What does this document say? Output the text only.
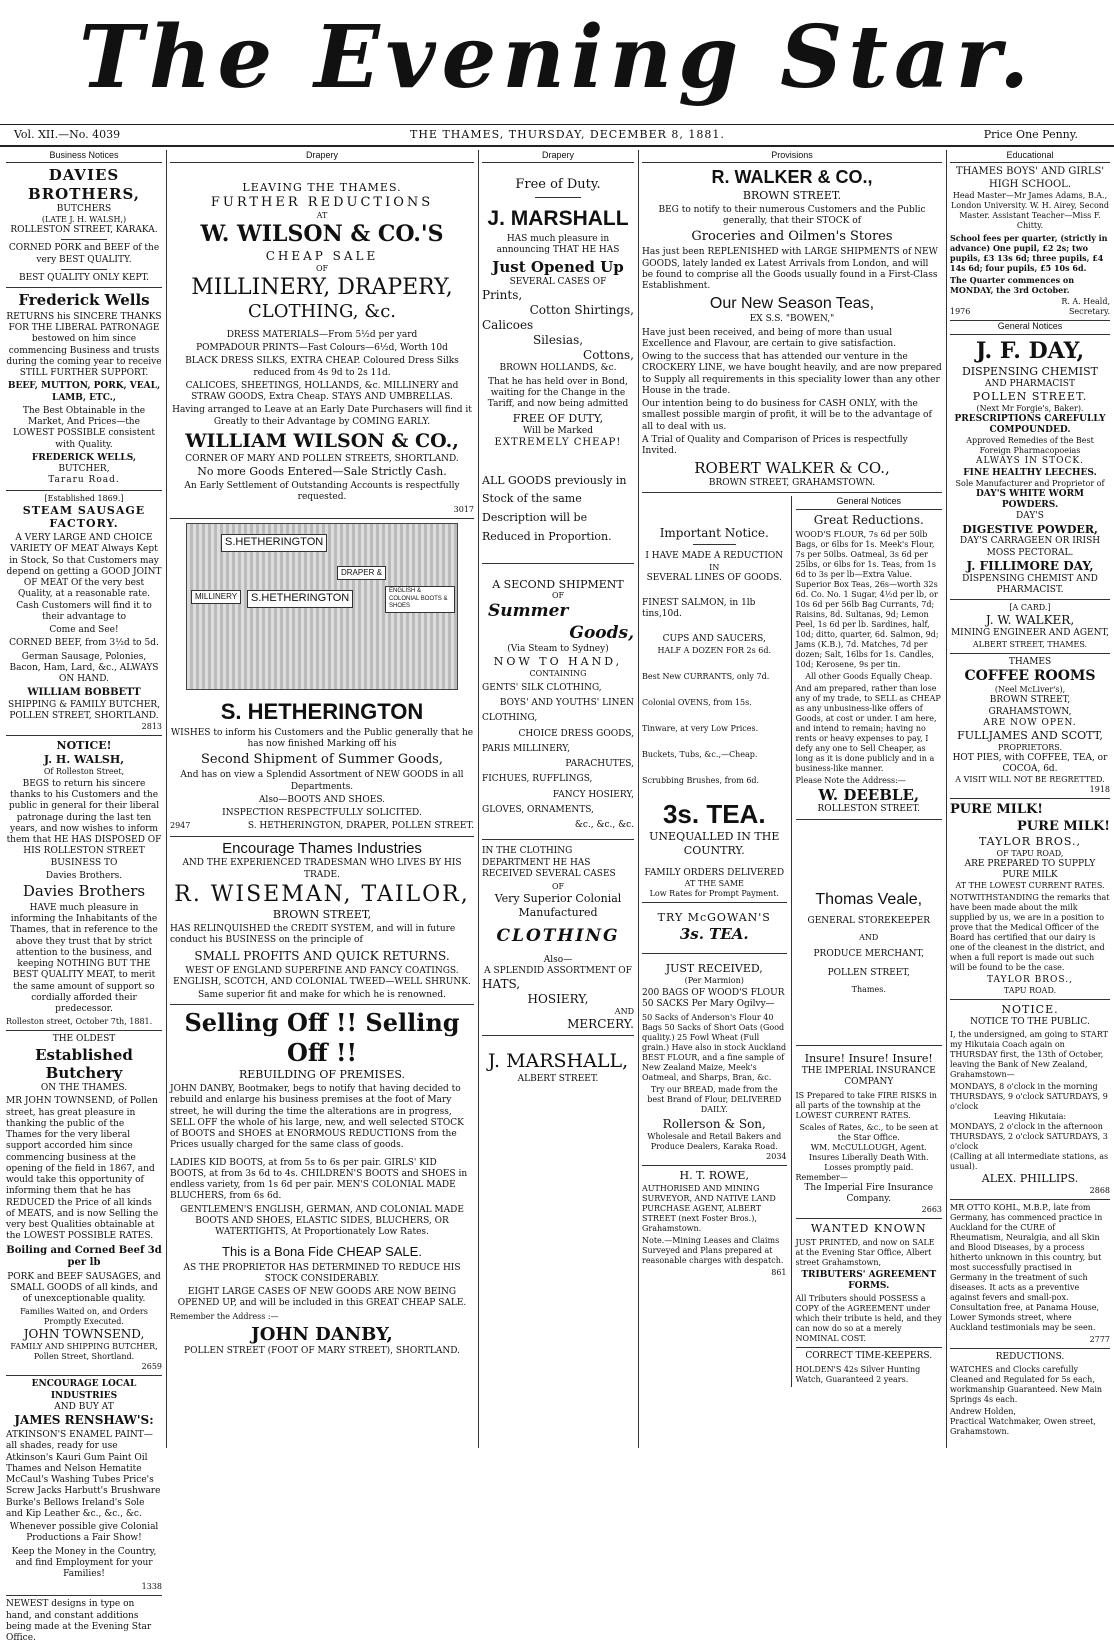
The Evening Star.
Vol. XII.—No. 4039	THE THAMES, THURSDAY, DECEMBER 8, 1881.	Price One Penny.
Business Notices
DAVIES BROTHERS,
BUTCHERS
(LATE J. H. WALSH,)
ROLLESTON STREET, KARAKA.
CORNED PORK and BEEF of the very BEST QUALITY.
BEST QUALITY ONLY KEPT.
Frederick Wells
RETURNS his SINCERE THANKS FOR THE LIBERAL PATRONAGE bestowed on him since commencing Business and trusts during the coming year to receive STILL FURTHER SUPPORT.
BEEF, MUTTON, PORK, VEAL, LAMB, ETC.,
The Best Obtainable in the Market, And Prices—the LOWEST POSSIBLE consistent with Quality.
FREDERICK WELLS,
BUTCHER,
Tararu Road.
[Established 1869.]
STEAM SAUSAGE FACTORY.
A VERY LARGE AND CHOICE VARIETY OF MEAT Always Kept in Stock, So that Customers may depend on getting a GOOD JOINT OF MEAT Of the very best Quality, at a reasonable rate. Cash Customers will find it to their advantage to
Come and See!
CORNED BEEF, from 3½d to 5d.
German Sausage, Polonies, Bacon, Ham, Lard, &c., ALWAYS ON HAND.
WILLIAM BOBBETT
SHIPPING & FAMILY BUTCHER, POLLEN STREET, SHORTLAND.
2813
NOTICE!
J. H. WALSH,
Of Rolleston Street,
BEGS to return his sincere thanks to his Customers and the public in general for their liberal patronage during the last ten years, and now wishes to inform them that HE HAS DISPOSED OF HIS ROLLESTON STREET BUSINESS TO
Davies Brothers.
Davies Brothers
HAVE much pleasure in informing the Inhabitants of the Thames, that in reference to the above they trust that by strict attention to the business, and keeping NOTHING BUT THE BEST QUALITY MEAT, to merit the same amount of support so cordially afforded their predecessor.
Rolleston street, October 7th, 1881.
THE OLDEST
Established Butchery
ON THE THAMES.
MR JOHN TOWNSEND, of Pollen street, has great pleasure in thanking the public of the Thames for the very liberal support accorded him since commencing business at the opening of the field in 1867, and would take this opportunity of informing them that he has REDUCED the Price of all kinds of MEATS, and is now Selling the very best Qualities obtainable at the LOWEST POSSIBLE RATES.
Boiling and Corned Beef 3d per lb
PORK and BEEF SAUSAGES, and SMALL GOODS of all kinds, and of unexceptionable quality.
Families Waited on, and Orders Promptly Executed.
JOHN TOWNSEND,
FAMILY AND SHIPPING BUTCHER, Pollen Street, Shortland.
2659
ENCOURAGE LOCAL INDUSTRIES
AND BUY AT
JAMES RENSHAW'S:
ATKINSON'S ENAMEL PAINT—all shades, ready for use Atkinson's Kauri Gum Paint Oil Thames and Nelson Hematite McCaul's Washing Tubes Price's Screw Jacks Harbutt's Brushware Burke's Bellows Ireland's Sole and Kip Leather &c., &c., &c.
Whenever possible give Colonial Productions a Fair Show!
Keep the Money in the Country, and find Employment for your Families!
1338
NEWEST designs in type on hand, and constant additions being made at the Evening Star Office.
Drapery
LEAVING THE THAMES.
FURTHER REDUCTIONS
AT
W. WILSON & CO.'S
CHEAP SALE
OF
MILLINERY, DRAPERY,
CLOTHING, &c.
DRESS MATERIALS—From 5½d per yard
POMPADOUR PRINTS—Fast Colours—6½d, Worth 10d
BLACK DRESS SILKS, EXTRA CHEAP. Coloured Dress Silks reduced from 4s 9d to 2s 11d.
CALICOES, SHEETINGS, HOLLANDS, &c. MILLINERY and STRAW GOODS, Extra Cheap. STAYS AND UMBRELLAS.
Having arranged to Leave at an Early Date Purchasers will find it Greatly to their Advantage by COMING EARLY.
WILLIAM WILSON & CO.,
CORNER OF MARY AND POLLEN STREETS, SHORTLAND.
No more Goods Entered—Sale Strictly Cash.
An Early Settlement of Outstanding Accounts is respectfully requested.
3017
S.HETHERINGTON
DRAPER &
S.HETHERINGTON
MILLINERY
ENGLISH & COLONIAL BOOTS & SHOES
S. HETHERINGTON
WISHES to inform his Customers and the Public generally that he has now finished Marking off his
Second Shipment of Summer Goods,
And has on view a Splendid Assortment of NEW GOODS in all Departments.
Also—BOOTS AND SHOES.
INSPECTION RESPECTFULLY SOLICITED.
2947	S. HETHERINGTON, DRAPER, POLLEN STREET.
Encourage Thames Industries
AND THE EXPERIENCED TRADESMAN WHO LIVES BY HIS TRADE.
R. WISEMAN, TAILOR,
BROWN STREET,
HAS RELINQUISHED the CREDIT SYSTEM, and will in future conduct his BUSINESS on the principle of
SMALL PROFITS AND QUICK RETURNS.
WEST OF ENGLAND SUPERFINE AND FANCY COATINGS. ENGLISH, SCOTCH, AND COLONIAL TWEED—WELL SHRUNK.
Same superior fit and make for which he is renowned.
Selling Off !! Selling Off !!
REBUILDING OF PREMISES.
JOHN DANBY, Bootmaker, begs to notify that having decided to rebuild and enlarge his business premises at the foot of Mary street, he will during the time the alterations are in progress, SELL OFF the whole of his large, new, and well selected STOCK of BOOTS and SHOES at ENORMOUS REDUCTIONS from the Prices usually charged for the same class of goods.
LADIES KID BOOTS, at from 5s to 6s per pair. GIRLS' KID BOOTS, at from 3s 6d to 4s. CHILDREN'S BOOTS and SHOES in endless variety, from 1s 6d per pair. MEN'S COLONIAL MADE BLUCHERS, from 6s 6d.
GENTLEMEN'S ENGLISH, GERMAN, AND COLONIAL MADE BOOTS AND SHOES, ELASTIC SIDES, BLUCHERS, OR WATERTIGHTS, At Proportionately Low Rates.
This is a Bona Fide CHEAP SALE.
AS THE PROPRIETOR HAS DETERMINED TO REDUCE HIS STOCK CONSIDERABLY.
EIGHT LARGE CASES OF NEW GOODS ARE NOW BEING OPENED UP, and will be included in this GREAT CHEAP SALE.
Remember the Address :—
JOHN DANBY,
POLLEN STREET (FOOT OF MARY STREET), SHORTLAND.
Drapery
Free of Duty.
J. MARSHALL
HAS much pleasure in announcing THAT HE HAS
Just Opened Up
SEVERAL CASES OF
Prints,
Cotton Shirtings,
Calicoes
Silesias,
Cottons,
BROWN HOLLANDS, &c.
That he has held over in Bond, waiting for the Change in the Tariff, and now being admitted
FREE OF DUTY,
Will be Marked
EXTREMELY CHEAP!
ALL GOODS previously in Stock of the same Description will be Reduced in Proportion.
A SECOND SHIPMENT
OF
Summer
Goods,
(Via Steam to Sydney)
NOW TO HAND,
CONTAINING
GENTS' SILK CLOTHING,
BOYS' AND YOUTHS' LINEN
CLOTHING,
CHOICE DRESS GOODS,
PARIS MILLINERY,
PARACHUTES,
FICHUES, RUFFLINGS,
FANCY HOSIERY,
GLOVES, ORNAMENTS,
&c., &c., &c.
IN THE CLOTHING DEPARTMENT HE HAS RECEIVED SEVERAL CASES
OF
Very Superior Colonial Manufactured
CLOTHING
Also—
A SPLENDID ASSORTMENT OF
HATS,
HOSIERY,
AND
MERCERY.
J. MARSHALL,
ALBERT STREET.
Provisions
R. WALKER & CO.,
BROWN STREET.
BEG to notify to their numerous Customers and the Public generally, that their STOCK of
Groceries and Oilmen's Stores
Has just been REPLENISHED with LARGE SHIPMENTS of NEW GOODS, lately landed ex Latest Arrivals from London, and will be found to comprise all the Goods usually found in a First-Class Establishment.
Our New Season Teas,
EX S.S. "BOWEN,"
Have just been received, and being of more than usual Excellence and Flavour, are certain to give satisfaction.
Owing to the success that has attended our venture in the CROCKERY LINE, we have bought heavily, and are now prepared to Supply all requirements in this speciality lower than any other House in the trade.
Our intention being to do business for CASH ONLY, with the smallest possible margin of profit, it will be to the advantage of all to deal with us.
A Trial of Quality and Comparison of Prices is respectfully Invited.
ROBERT WALKER & CO.,
BROWN STREET, GRAHAMSTOWN.
Important Notice.
I HAVE MADE A REDUCTION
IN
SEVERAL LINES OF GOODS.
FINEST SALMON, in 1lb tins,10d.
CUPS AND SAUCERS,
HALF A DOZEN FOR 2s 6d.
Best New CURRANTS, only 7d.
Colonial OVENS, from 15s.
Tinware, at very Low Prices.
Buckets, Tubs, &c.,—Cheap.
Scrubbing Brushes, from 6d.
3s. TEA.
UNEQUALLED IN THE COUNTRY.
FAMILY ORDERS DELIVERED
AT THE SAME
Low Rates for Prompt Payment.
TRY McGOWAN'S
3s. TEA.
JUST RECEIVED,
(Per Marmion)
200 BAGS OF WOOD'S FLOUR 50 SACKS Per Mary Ogilvy—
50 Sacks of Anderson's Flour 40 Bags 50 Sacks of Short Oats (Good quality.) 25 Fowl Wheat (Full grain.) Have also in stock Auckland BEST FLOUR, and a fine sample of New Zealand Maize, Meek's Oatmeal, and Sharps, Bran, &c.
Try our BREAD, made from the best Brand of Flour, DELIVERED DAILY.
Rollerson & Son,
Wholesale and Retail Bakers and Produce Dealers, Karaka Road.
2034
H. T. ROWE,
AUTHORISED AND MINING SURVEYOR, AND NATIVE LAND PURCHASE AGENT, ALBERT STREET (next Foster Bros.), Grahamstown.
Note.—Mining Leases and Claims Surveyed and Plans prepared at reasonable charges with despatch.
861
General Notices
Great Reductions.
WOOD'S FLOUR, 7s 6d per 50lb Bags, or 6lbs for 1s. Meek's Flour, 7s per 50lbs. Oatmeal, 3s 6d per 25lbs, or 6lbs for 1s. Teas, from 1s 6d to 3s per lb—Extra Value. Superior Box Teas, 26s—worth 32s 6d. Co. No. 1 Sugar, 4½d per lb, or 10s 6d per 56lb Bag Currants, 7d; Raisins, 8d. Sultanas, 9d; Lemon Peel, 1s 6d per lb. Sardines, half, 10d; ditto, quarter, 6d. Salmon, 9d; Jams (K.B.), 7d. Matches, 7d per dozen; Salt, 16lbs for 1s. Candles, 10d; Kerosene, 9s per tin.
All other Goods Equally Cheap.
And am prepared, rather than lose any of my trade, to SELL as CHEAP as any unbusiness-like offers of Goods, at cost or under. I am here, and intend to remain; having no rents or heavy expenses to pay, I defy any one to Sell Cheaper, as long as it is done publicly and in a business-like manner.
Please Note the Address:—
W. DEEBLE,
ROLLESTON STREET.
Thomas Veale,
GENERAL STOREKEEPER
AND
PRODUCE MERCHANT,
POLLEN STREET,
Thames.
Insure! Insure! Insure!
THE IMPERIAL INSURANCE COMPANY
IS Prepared to take FIRE RISKS in all parts of the township at the LOWEST CURRENT RATES.
Scales of Rates, &c., to be seen at the Star Office.
WM. McCULLOUGH, Agent.
Insures Liberally Death With. Losses promptly paid.
Remember—
The Imperial Fire Insurance Company.
2663
WANTED KNOWN
JUST PRINTED, and now on SALE at the Evening Star Office, Albert street Grahamstown,
TRIBUTERS' AGREEMENT FORMS.
All Tributers should POSSESS a COPY of the AGREEMENT under which their tribute is held, and they can now do so at a merely NOMINAL COST.
CORRECT TIME-KEEPERS.
HOLDEN'S 42s Silver Hunting Watch, Guaranteed 2 years.
Educational
THAMES BOYS' AND GIRLS' HIGH SCHOOL.
Head Master—Mr James Adams, B.A., London University. W. H. Airey, Second Master. Assistant Teacher—Miss F. Chitty.
School fees per quarter, (strictly in advance) One pupil, £2 2s; two pupils, £3 13s 6d; three pupils, £4 14s 6d; four pupils, £5 10s 6d.
The Quarter commences on MONDAY, the 3rd October.
R. A. Heald,
1976	Secretary.
General Notices
J. F. DAY,
DISPENSING CHEMIST
AND PHARMACIST
POLLEN STREET.
(Next Mr Forgie's, Baker).
PRESCRIPTIONS CAREFULLY COMPOUNDED.
Approved Remedies of the Best Foreign Pharmacopoeias
ALWAYS IN STOCK.
FINE HEALTHY LEECHES.
Sole Manufacturer and Proprietor of
DAY'S WHITE WORM POWDERS.
DAY'S
DIGESTIVE POWDER,
DAY'S CARRAGEEN OR IRISH MOSS PECTORAL.
J. FILLIMORE DAY,
DISPENSING CHEMIST AND PHARMACIST.
[A CARD.]
J. W. WALKER,
MINING ENGINEER AND AGENT,
ALBERT STREET, THAMES.
THAMES
COFFEE ROOMS
(Neel McLiver's),
BROWN STREET, GRAHAMSTOWN,
ARE NOW OPEN.
FULLJAMES AND SCOTT,
PROPRIETORS.
HOT PIES, with COFFEE, TEA, or COCOA, 6d.
A VISIT WILL NOT BE REGRETTED.
1918
PURE MILK!
PURE MILK!
TAYLOR BROS.,
OF TAPU ROAD,
ARE PREPARED TO SUPPLY PURE MILK
AT THE LOWEST CURRENT RATES.
NOTWITHSTANDING the remarks that have been made about the milk supplied by us, we are in a position to prove that the Medical Officer of the Board has certified that our dairy is one of the cleanest in the district, and when a full report is made out such will be found to be the case.
TAYLOR BROS.,
TAPU ROAD.
NOTICE.
NOTICE TO THE PUBLIC.
I, the undersigned, am going to START my Hikutaia Coach again on THURSDAY first, the 13th of October, leaving the Bank of New Zealand, Grahamstown—
MONDAYS, 8 o'clock in the morning THURSDAYS, 9 o'clock SATURDAYS, 9 o'clock
Leaving Hikutaia:
MONDAYS, 2 o'clock in the afternoon THURSDAYS, 2 o'clock SATURDAYS, 3 o'clock
(Calling at all intermediate stations, as usual).
ALEX. PHILLIPS.
2868
MR OTTO KOHL, M.B.P., late from Germany, has commenced practice in Auckland for the CURE of Rheumatism, Neuralgia, and all Skin and Blood Diseases, by a process hitherto unknown in this country, but most successfully practised in Germany in the treatment of such diseases. It acts as a preventive against fevers and small-pox. Consultation free, at Panama House, Lower Symonds street, where Auckland testimonials may be seen.
2777
REDUCTIONS.
WATCHES and Clocks carefully Cleaned and Regulated for 5s each, workmanship Guaranteed. New Main Springs 4s each.
Andrew Holden,
Practical Watchmaker, Owen street, Grahamstown.
